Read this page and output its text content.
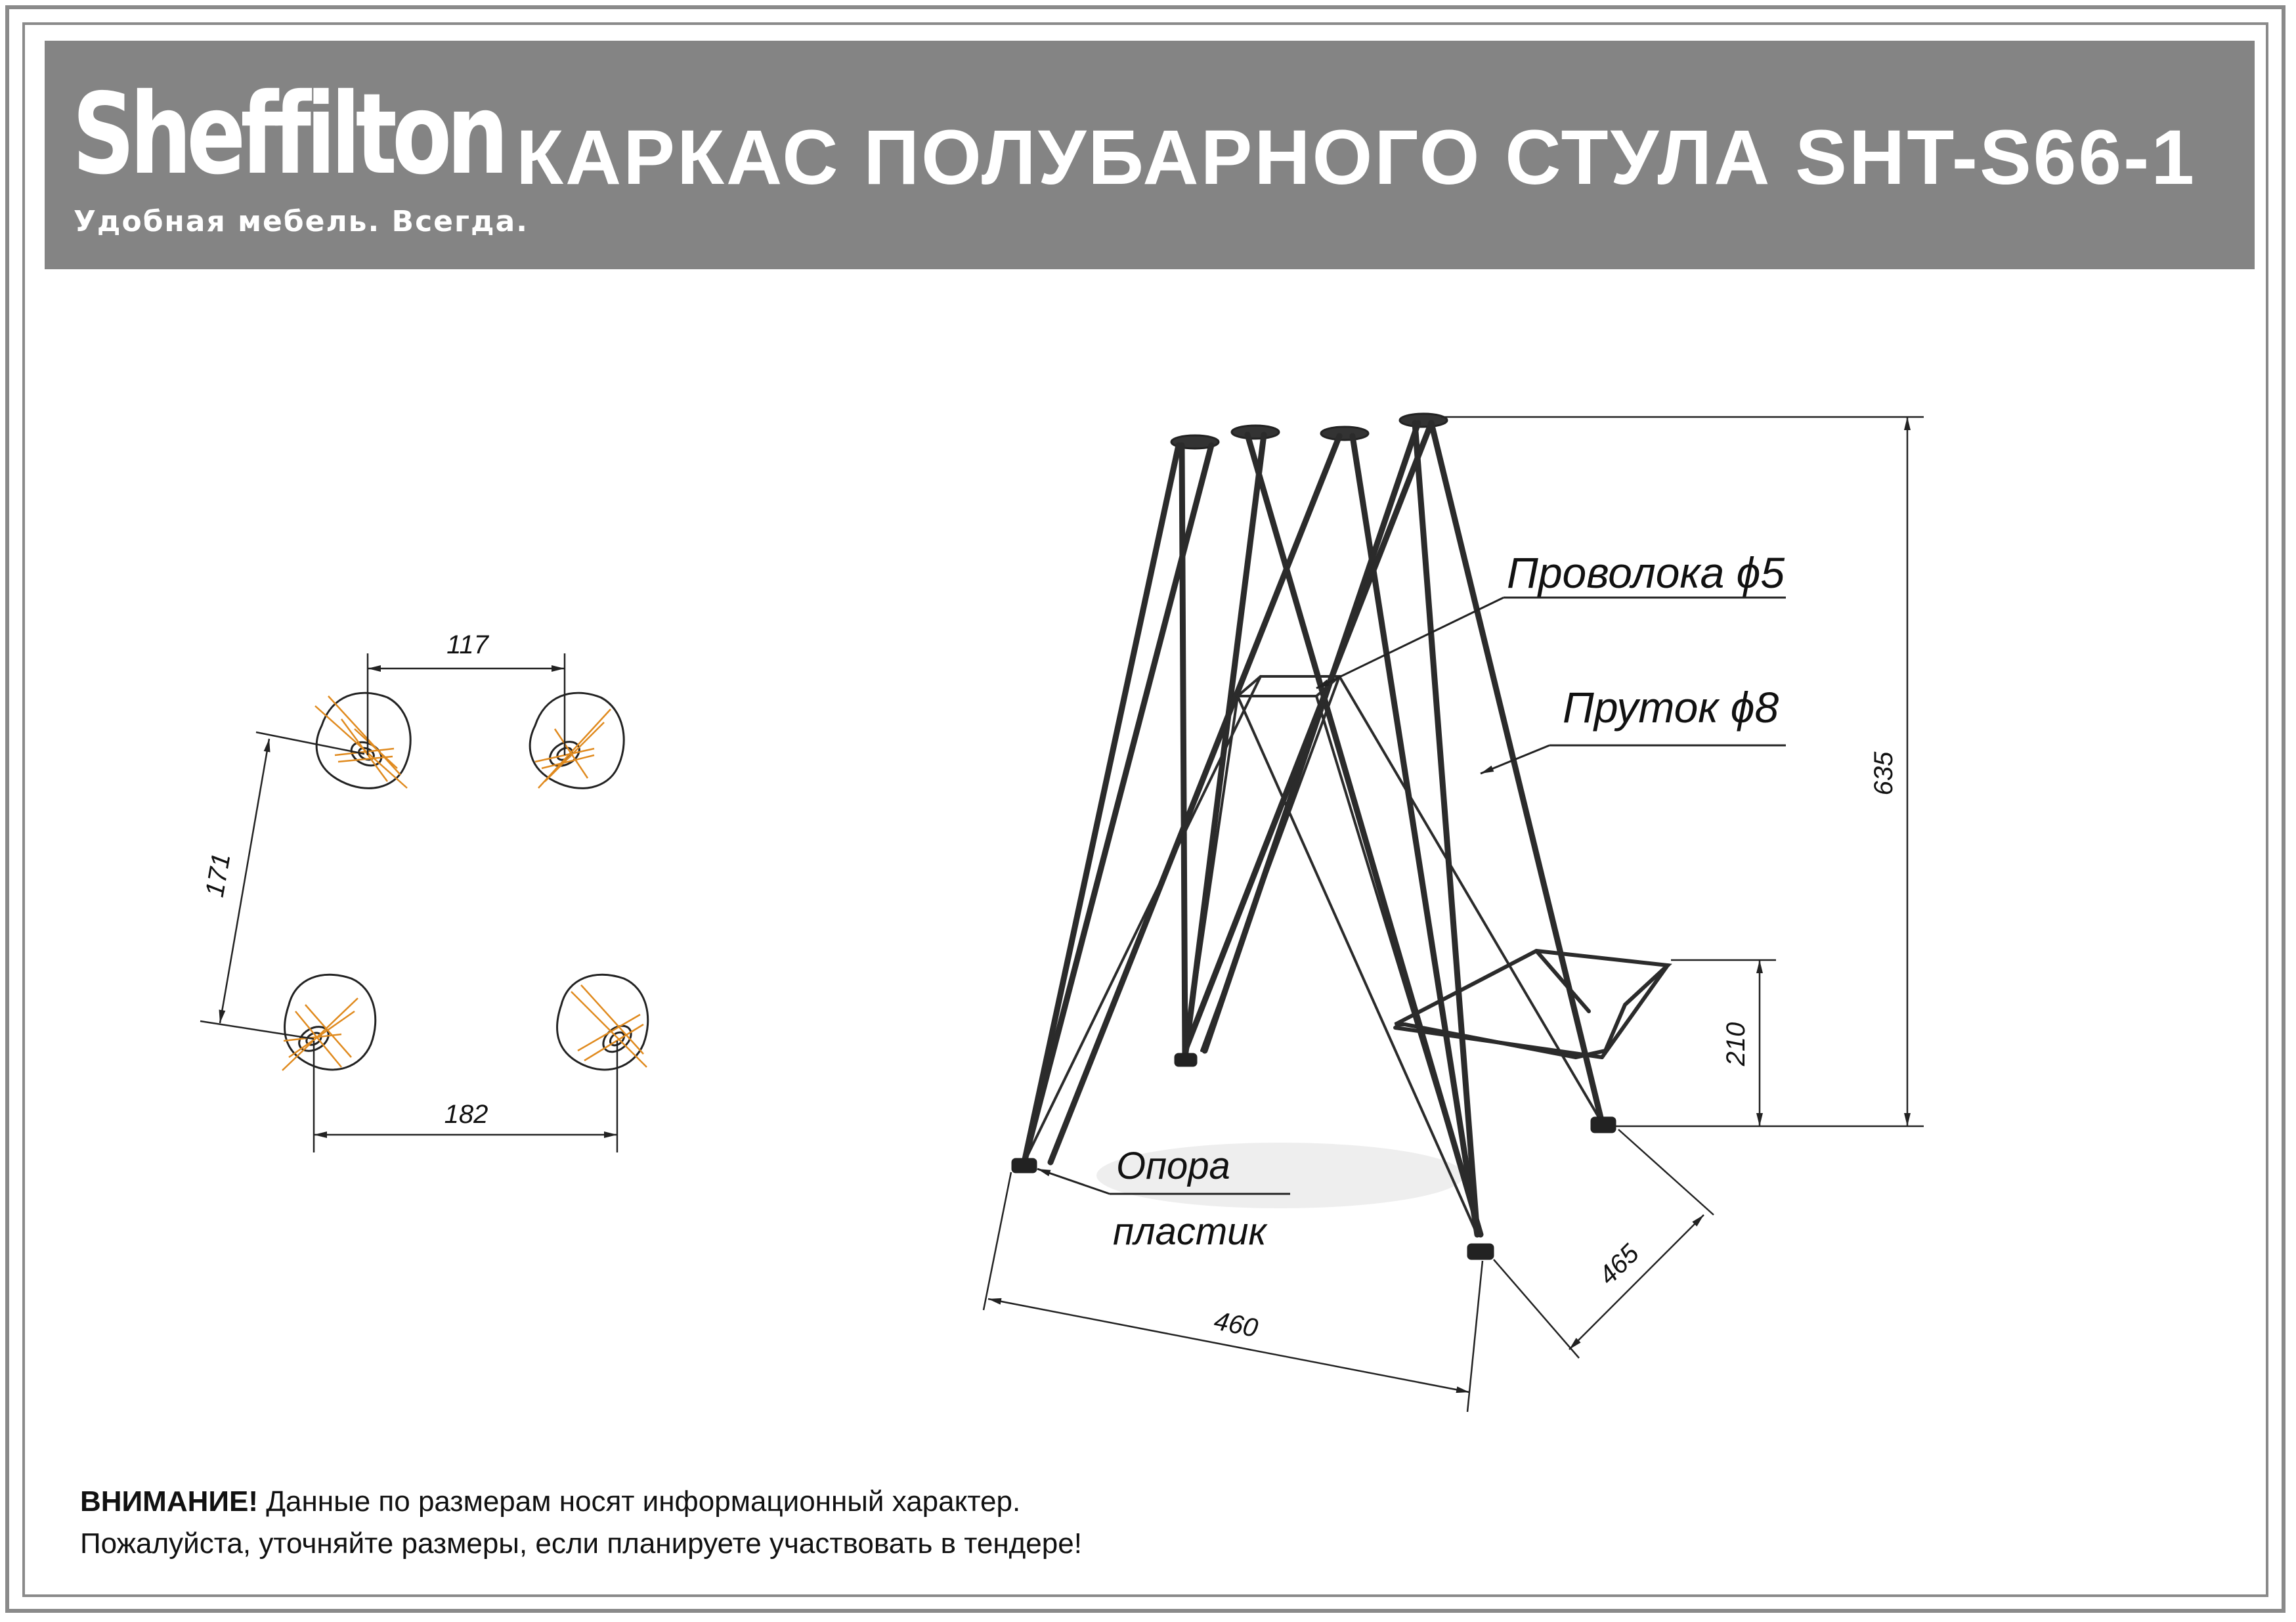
Sheffilton
Удобная мебель. Всегда.
КАРКАС ПОЛУБАРНОГО СТУЛА SHT-S66-1
117
171
182
Проволока ϕ5
Пруток ϕ8
Опора
пластик
635
210
460
465
ВНИМАНИЕ! Данные по размерам носят информационный характер.
Пожалуйста, уточняйте размеры, если планируете участвовать в тендере!
